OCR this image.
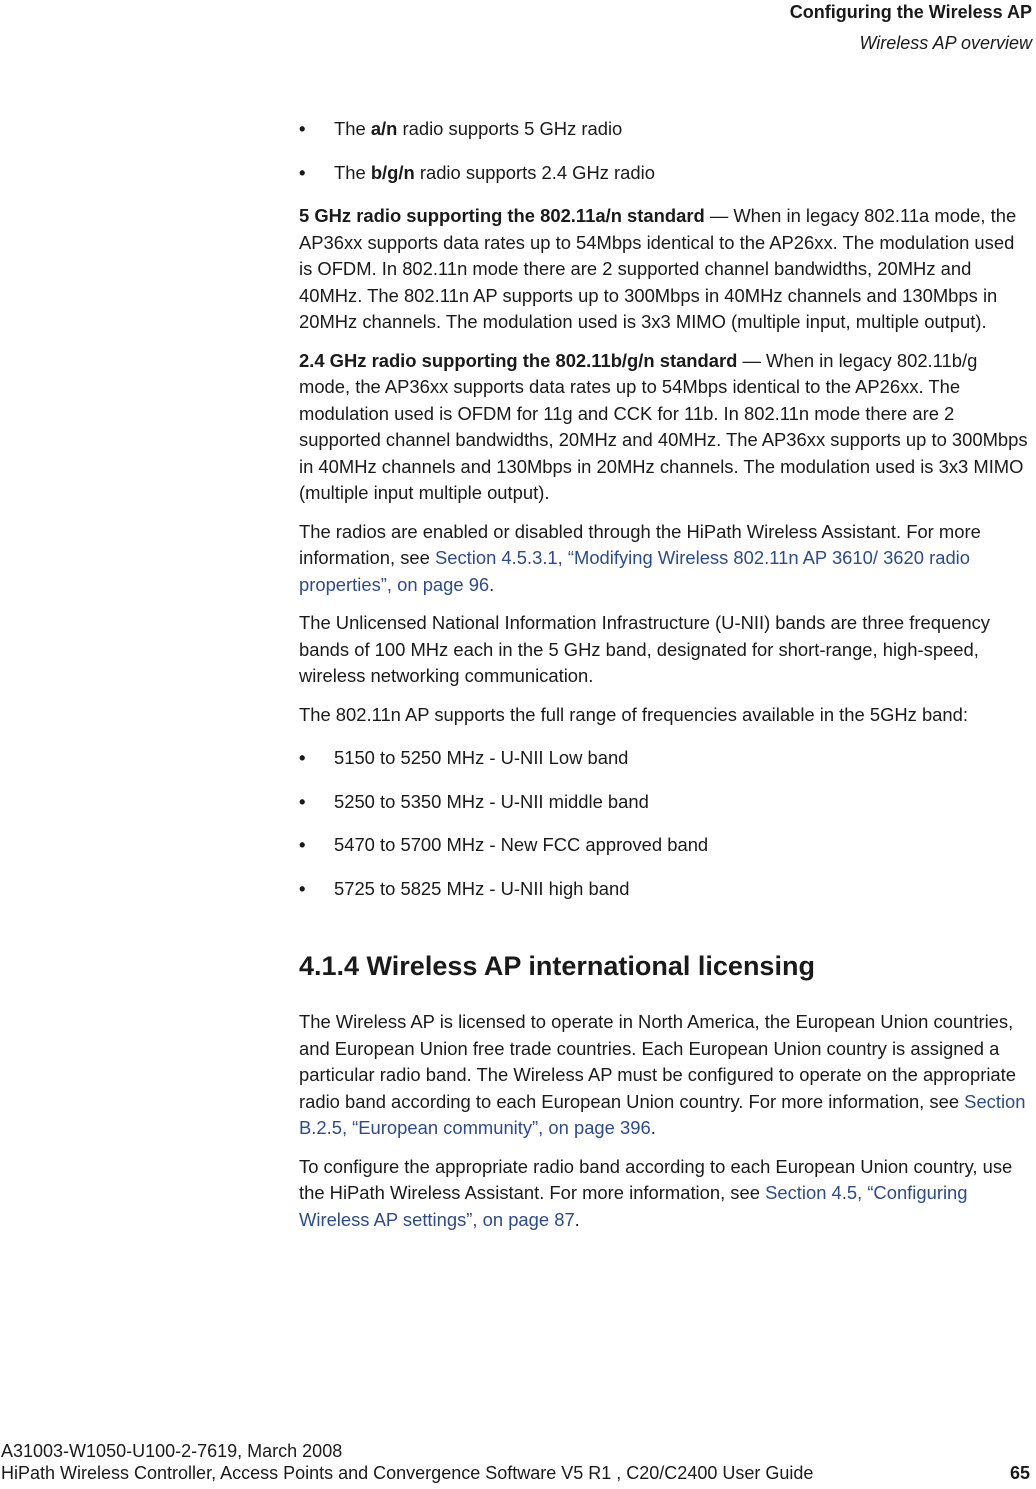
Configuring the Wireless AP
Wireless AP overview
• The a/n radio supports 5 GHz radio
• The b/g/n radio supports 2.4 GHz radio

5 GHz radio supporting the 802.11a/n standard — When in legacy 802.11a mode, the AP36xx supports data rates up to 54Mbps identical to the AP26xx. The modulation used is OFDM. In 802.11n mode there are 2 supported channel bandwidths, 20MHz and 40MHz. The 802.11n AP supports up to 300Mbps in 40MHz channels and 130Mbps in 20MHz channels. The modulation used is 3x3 MIMO (multiple input, multiple output).

2.4 GHz radio supporting the 802.11b/g/n standard — When in legacy 802.11b/g mode, the AP36xx supports data rates up to 54Mbps identical to the AP26xx. The modulation used is OFDM for 11g and CCK for 11b. In 802.11n mode there are 2 supported channel bandwidths, 20MHz and 40MHz. The AP36xx supports up to 300Mbps in 40MHz channels and 130Mbps in 20MHz channels. The modulation used is 3x3 MIMO (multiple input multiple output).

The radios are enabled or disabled through the HiPath Wireless Assistant. For more information, see Section 4.5.3.1, “Modifying Wireless 802.11n AP 3610/ 3620 radio properties”, on page 96.

The Unlicensed National Information Infrastructure (U-NII) bands are three frequency bands of 100 MHz each in the 5 GHz band, designated for short-range, high-speed, wireless networking communication.

The 802.11n AP supports the full range of frequencies available in the 5GHz band:

• 5150 to 5250 MHz - U-NII Low band
• 5250 to 5350 MHz - U-NII middle band
• 5470 to 5700 MHz - New FCC approved band
• 5725 to 5825 MHz - U-NII high band
4.1.4 Wireless AP international licensing

The Wireless AP is licensed to operate in North America, the European Union countries, and European Union free trade countries. Each European Union country is assigned a particular radio band. The Wireless AP must be configured to operate on the appropriate radio band according to each European Union country. For more information, see Section B.2.5, “European community”, on page 396.

To configure the appropriate radio band according to each European Union country, use the HiPath Wireless Assistant. For more information, see Section 4.5, “Configuring Wireless AP settings”, on page 87.

A31003-W1050-U100-2-7619, March 2008
HiPath Wireless Controller, Access Points and Convergence Software V5 R1 , C20/C2400 User Guide	65
